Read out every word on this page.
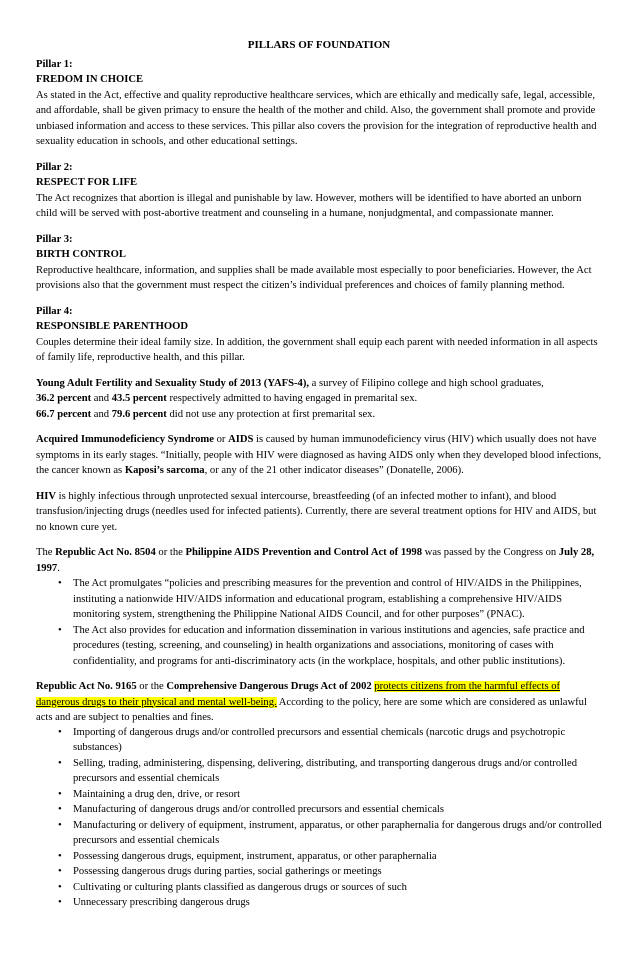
PILLARS OF FOUNDATION

Pillar 1:
FREDOM IN CHOICE
As stated in the Act, effective and quality reproductive healthcare services, which are ethically and medically safe, legal, accessible, and affordable, shall be given primacy to ensure the health of the mother and child. Also, the government shall promote and provide unbiased information and access to these services. This pillar also covers the provision for the integration of reproductive health and sexuality education in schools, and other educational settings.

Pillar 2:
RESPECT FOR LIFE
The Act recognizes that abortion is illegal and punishable by law. However, mothers will be identified to have aborted an unborn child will be served with post-abortive treatment and counseling in a humane, nonjudgmental, and compassionate manner.

Pillar 3:
BIRTH CONTROL
Reproductive healthcare, information, and supplies shall be made available most especially to poor beneficiaries. However, the Act provisions also that the government must respect the citizen’s individual preferences and choices of family planning method.

Pillar 4:
RESPONSIBLE PARENTHOOD
Couples determine their ideal family size. In addition, the government shall equip each parent with needed information in all aspects of family life, reproductive health, and this pillar.

Young Adult Fertility and Sexuality Study of 2013 (YAFS-4), a survey of Filipino college and high school graduates,
36.2 percent and 43.5 percent respectively admitted to having engaged in premarital sex.
66.7 percent and 79.6 percent did not use any protection at first premarital sex.

Acquired Immunodeficiency Syndrome or AIDS is caused by human immunodeficiency virus (HIV) which usually does not have symptoms in its early stages. “Initially, people with HIV were diagnosed as having AIDS only when they developed blood infections, the cancer known as Kaposi’s sarcoma, or any of the 21 other indicator diseases” (Donatelle, 2006).

HIV is highly infectious through unprotected sexual intercourse, breastfeeding (of an infected mother to infant), and blood transfusion/injecting drugs (needles used for infected patients). Currently, there are several treatment options for HIV and AIDS, but no known cure yet.

The Republic Act No. 8504 or the Philippine AIDS Prevention and Control Act of 1998 was passed by the Congress on July 28, 1997.

• The Act promulgates “policies and prescribing measures for the prevention and control of HIV/AIDS in the Philippines, instituting a nationwide HIV/AIDS information and educational program, establishing a comprehensive HIV/AIDS monitoring system, strengthening the Philippine National AIDS Council, and for other purposes” (PNAC).
• The Act also provides for education and information dissemination in various institutions and agencies, safe practice and procedures (testing, screening, and counseling) in health organizations and associations, monitoring of cases with confidentiality, and programs for anti-discriminatory acts (in the workplace, hospitals, and other public institutions).

Republic Act No. 9165 or the Comprehensive Dangerous Drugs Act of 2002 protects citizens from the harmful effects of dangerous drugs to their physical and mental well-being. According to the policy, here are some which are considered as unlawful acts and are subject to penalties and fines.

• Importing of dangerous drugs and/or controlled precursors and essential chemicals (narcotic drugs and psychotropic substances)
• Selling, trading, administering, dispensing, delivering, distributing, and transporting dangerous drugs and/or controlled precursors and essential chemicals
• Maintaining a drug den, drive, or resort
• Manufacturing of dangerous drugs and/or controlled precursors and essential chemicals
• Manufacturing or delivery of equipment, instrument, apparatus, or other paraphernalia for dangerous drugs and/or controlled precursors and essential chemicals
• Possessing dangerous drugs, equipment, instrument, apparatus, or other paraphernalia
• Possessing dangerous drugs during parties, social gatherings or meetings
• Cultivating or culturing plants classified as dangerous drugs or sources of such
• Unnecessary prescribing dangerous drugs
